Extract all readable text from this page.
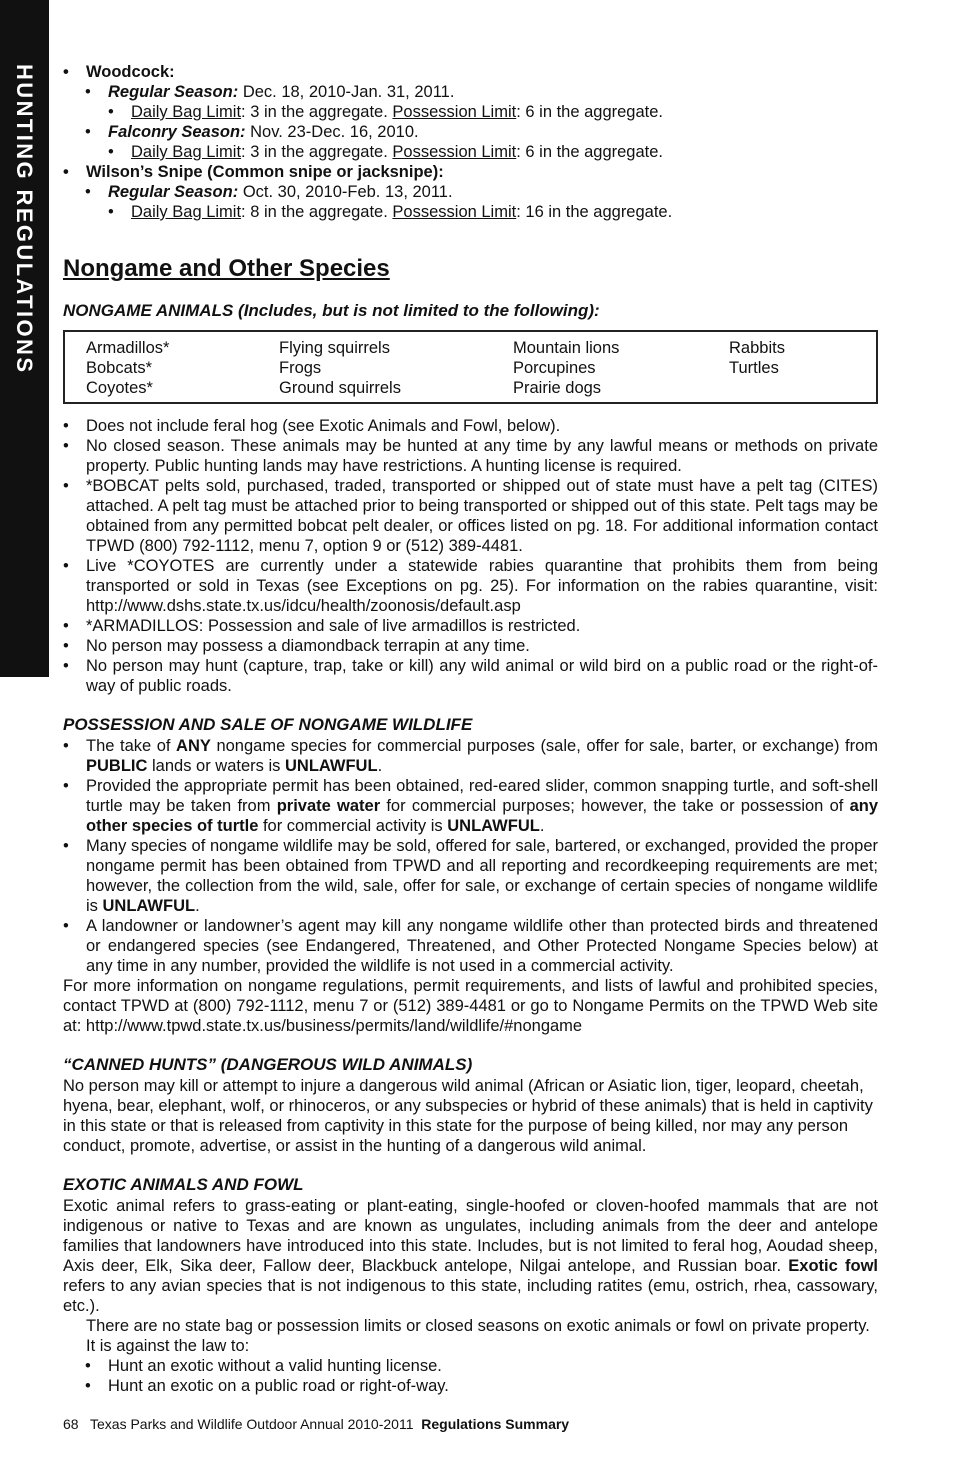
HUNTING REGULATIONS
•	Woodcock:
• Regular Season: Dec. 18, 2010-Jan. 31, 2011.
• Daily Bag Limit: 3 in the aggregate. Possession Limit: 6 in the aggregate.
• Falconry Season: Nov. 23-Dec. 16, 2010.
• Daily Bag Limit: 3 in the aggregate. Possession Limit: 6 in the aggregate.
• Wilson’s Snipe (Common snipe or jacksnipe):
• Regular Season: Oct. 30, 2010-Feb. 13, 2011.
• Daily Bag Limit: 8 in the aggregate. Possession Limit: 16 in the aggregate.
Nongame and Other Species
NONGAME ANIMALS (Includes, but is not limited to the following):
Armadillos*
Bobcats*
Coyotes*
Flying squirrels
Frogs
Ground squirrels
Mountain lions
Porcupines
Prairie dogs
Rabbits
Turtles
• Does not include feral hog (see Exotic Animals and Fowl, below).
• No closed season. These animals may be hunted at any time by any lawful means or methods on private property. Public hunting lands may have restrictions. A hunting license is required.
• *BOBCAT pelts sold, purchased, traded, transported or shipped out of state must have a pelt tag (CITES) attached. A pelt tag must be attached prior to being transported or shipped out of this state. Pelt tags may be obtained from any permitted bobcat pelt dealer, or offices listed on pg. 18. For additional information contact TPWD (800) 792-1112, menu 7, option 9 or (512) 389-4481.
• Live *COYOTES are currently under a statewide rabies quarantine that prohibits them from being transported or sold in Texas (see Exceptions on pg. 25). For information on the rabies quarantine, visit: http://www.dshs.state.tx.us/idcu/health/zoonosis/default.asp
• *ARMADILLOS: Possession and sale of live armadillos is restricted.
• No person may possess a diamondback terrapin at any time.
• No person may hunt (capture, trap, take or kill) any wild animal or wild bird on a public road or the right-of-way of public roads.
POSSESSION AND SALE OF NONGAME WILDLIFE
• The take of ANY nongame species for commercial purposes (sale, offer for sale, barter, or exchange) from PUBLIC lands or waters is UNLAWFUL.
• Provided the appropriate permit has been obtained, red-eared slider, common snapping turtle, and soft-shell turtle may be taken from private water for commercial purposes; however, the take or possession of any other species of turtle for commercial activity is UNLAWFUL.
• Many species of nongame wildlife may be sold, offered for sale, bartered, or exchanged, provided the proper nongame permit has been obtained from TPWD and all reporting and recordkeeping requirements are met; however, the collection from the wild, sale, offer for sale, or exchange of certain species of nongame wildlife is UNLAWFUL.
• A landowner or landowner’s agent may kill any nongame wildlife other than protected birds and threatened or endangered species (see Endangered, Threatened, and Other Protected Nongame Species below) at any time in any number, provided the wildlife is not used in a commercial activity.
For more information on nongame regulations, permit requirements, and lists of lawful and prohibited species, contact TPWD at (800) 792-1112, menu 7 or (512) 389-4481 or go to Nongame Permits on the TPWD Web site at: http://www.tpwd.state.tx.us/business/permits/land/wildlife/#nongame
“CANNED HUNTS” (DANGEROUS WILD ANIMALS)
No person may kill or attempt to injure a dangerous wild animal (African or Asiatic lion, tiger, leopard, cheetah, hyena, bear, elephant, wolf, or rhinoceros, or any subspecies or hybrid of these animals) that is held in captivity in this state or that is released from captivity in this state for the purpose of being killed, nor may any person conduct, promote, advertise, or assist in the hunting of a dangerous wild animal.
EXOTIC ANIMALS AND FOWL
Exotic animal refers to grass-eating or plant-eating, single-hoofed or cloven-hoofed mammals that are not indigenous or native to Texas and are known as ungulates, including animals from the deer and antelope families that landowners have introduced into this state. Includes, but is not limited to feral hog, Aoudad sheep, Axis deer, Elk, Sika deer, Fallow deer, Blackbuck antelope, Nilgai antelope, and Russian boar. Exotic fowl refers to any avian species that is not indigenous to this state, including ratites (emu, ostrich, rhea, cassowary, etc.).
There are no state bag or possession limits or closed seasons on exotic animals or fowl on private property. It is against the law to:
• Hunt an exotic without a valid hunting license.
• Hunt an exotic on a public road or right-of-way.
68 Texas Parks and Wildlife Outdoor Annual 2010-2011 Regulations Summary
